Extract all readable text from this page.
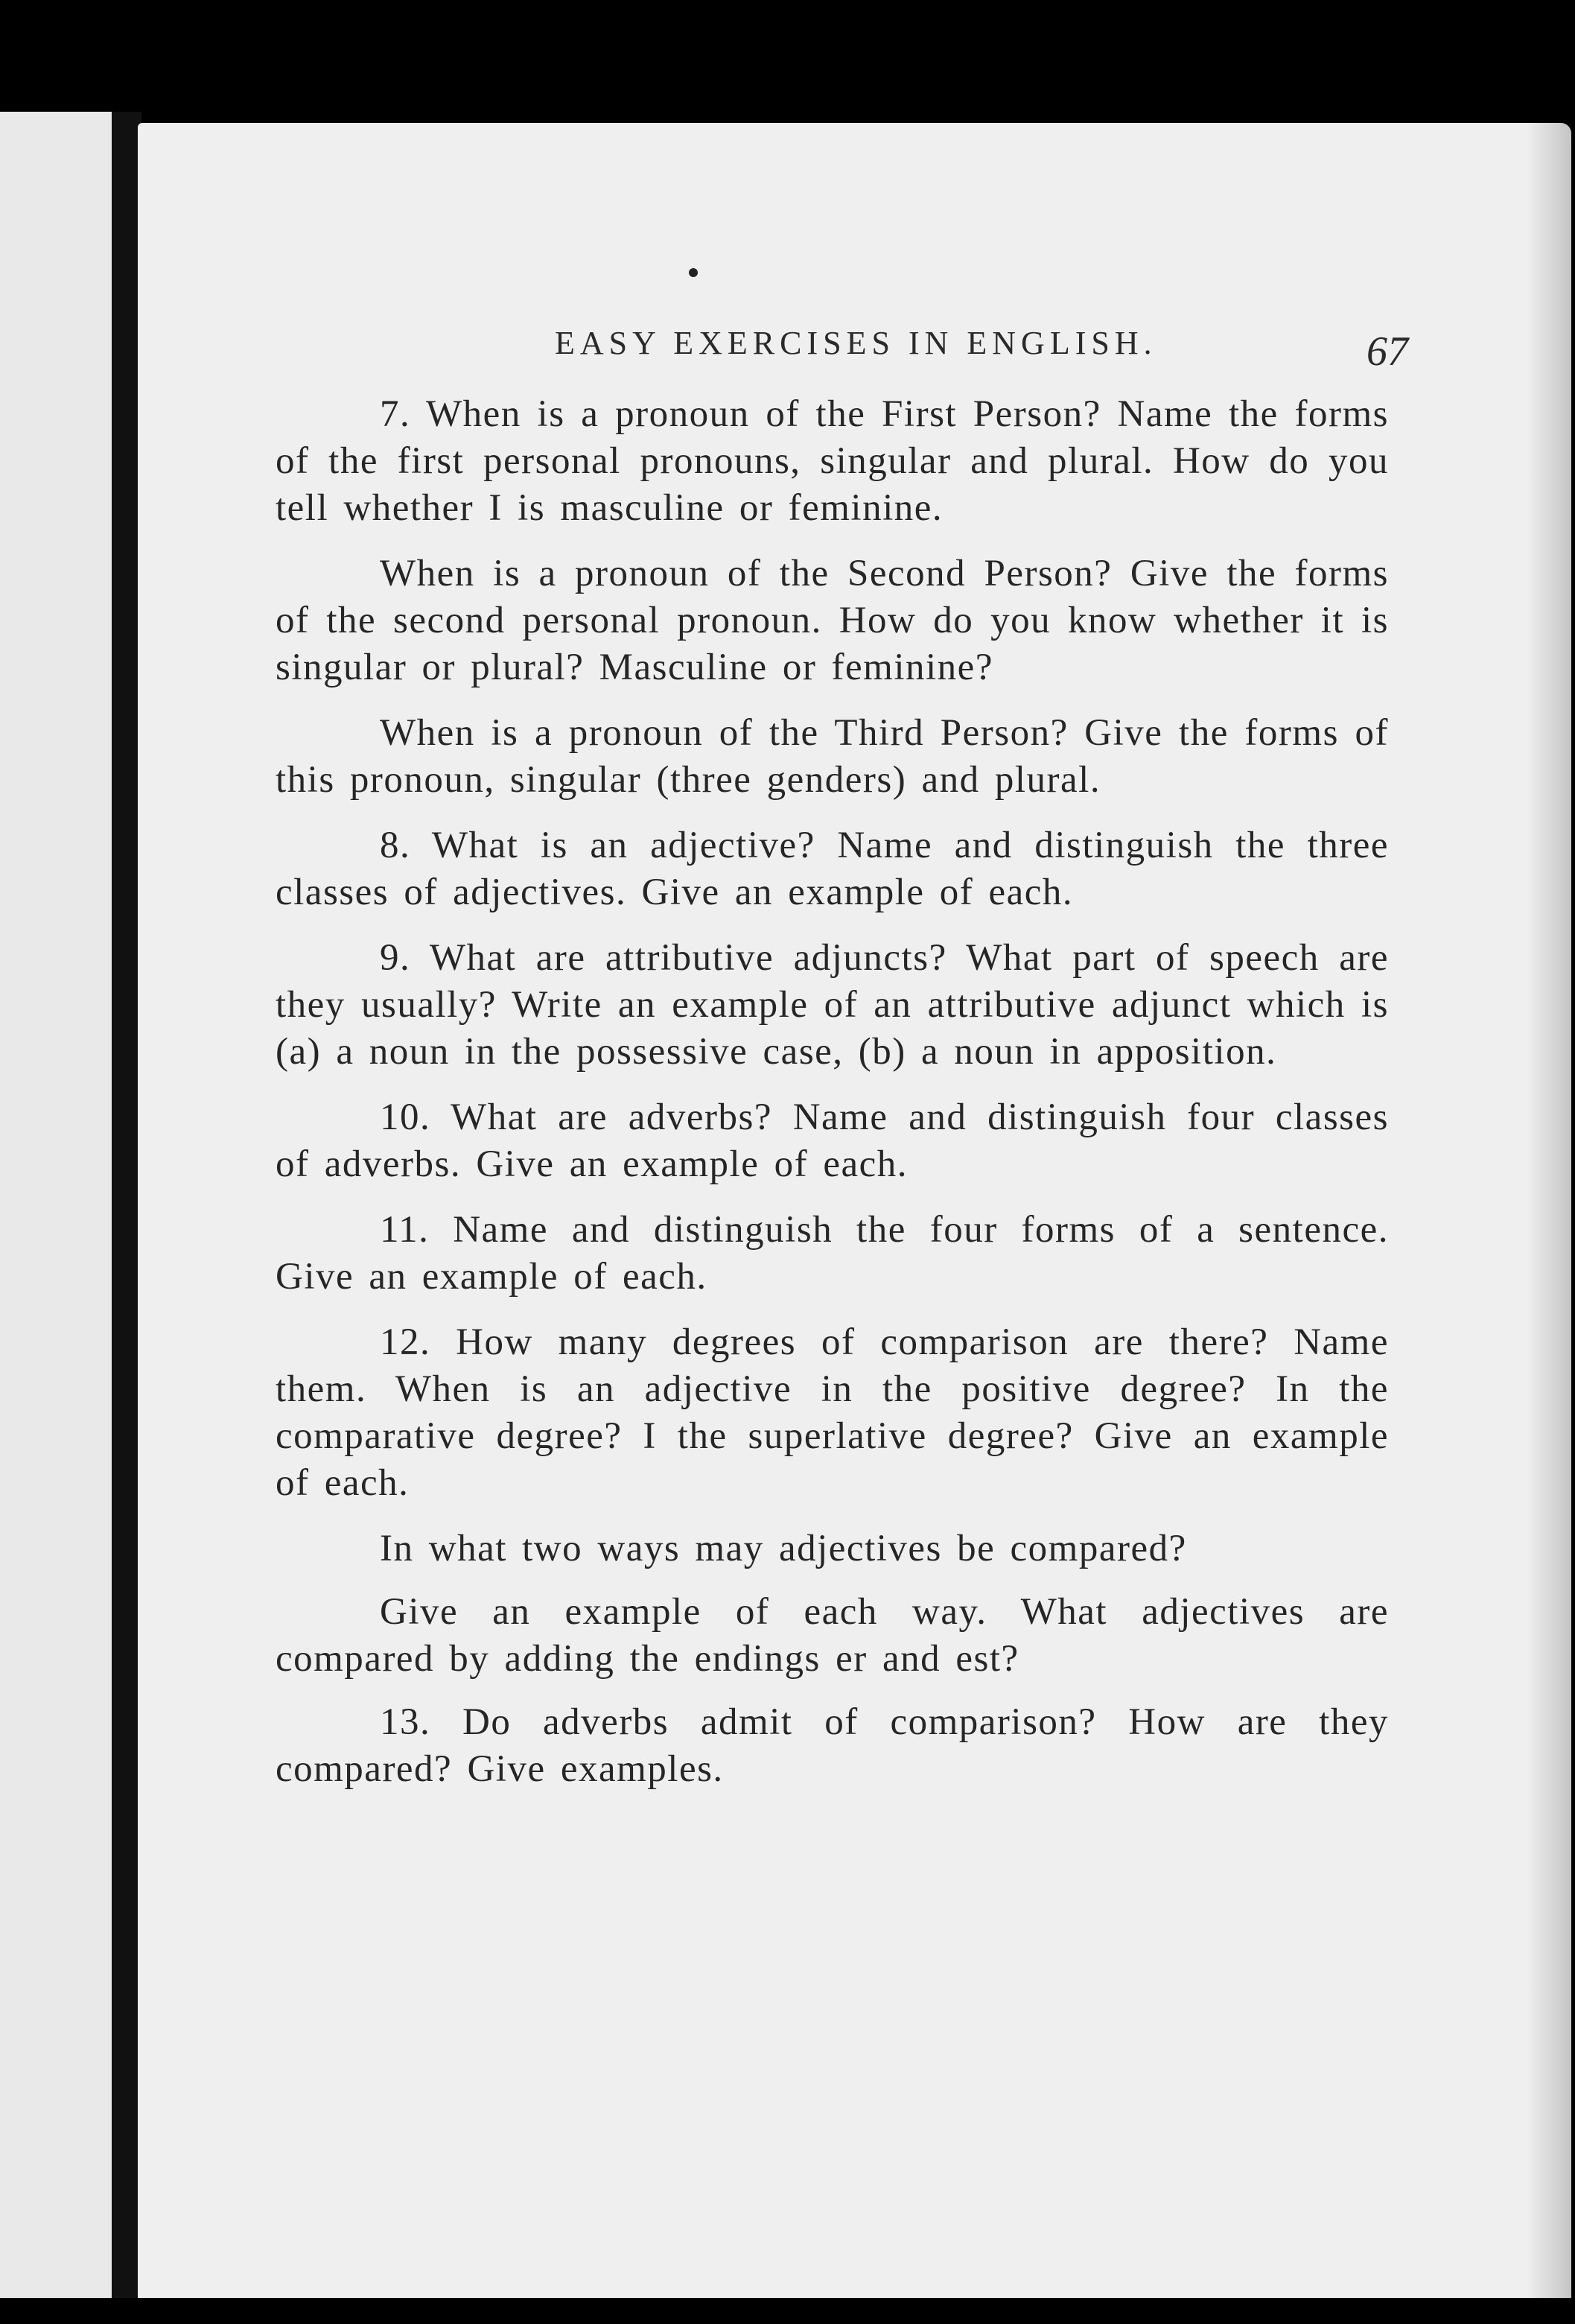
EASY EXERCISES IN ENGLISH.	67

7. When is a pronoun of the First Person? Name the forms of the first personal pronouns, singular and plural. How do you tell whether I is masculine or feminine.

When is a pronoun of the Second Person? Give the forms of the second personal pronoun. How do you know whether it is singular or plural? Masculine or feminine?

When is a pronoun of the Third Person? Give the forms of this pronoun, singular (three genders) and plural.

8. What is an adjective? Name and distinguish the three classes of adjectives. Give an example of each.

9. What are attributive adjuncts? What part of speech are they usually? Write an example of an attributive adjunct which is (a) a noun in the possessive case, (b) a noun in apposition.

10. What are adverbs? Name and distinguish four classes of adverbs. Give an example of each.

11. Name and distinguish the four forms of a sentence. Give an example of each.

12. How many degrees of comparison are there? Name them. When is an adjective in the positive degree? In the comparative degree? I the superlative degree? Give an example of each.

In what two ways may adjectives be compared?

Give an example of each way. What adjectives are compared by adding the endings er and est?

13. Do adverbs admit of comparison? How are they compared? Give examples.
